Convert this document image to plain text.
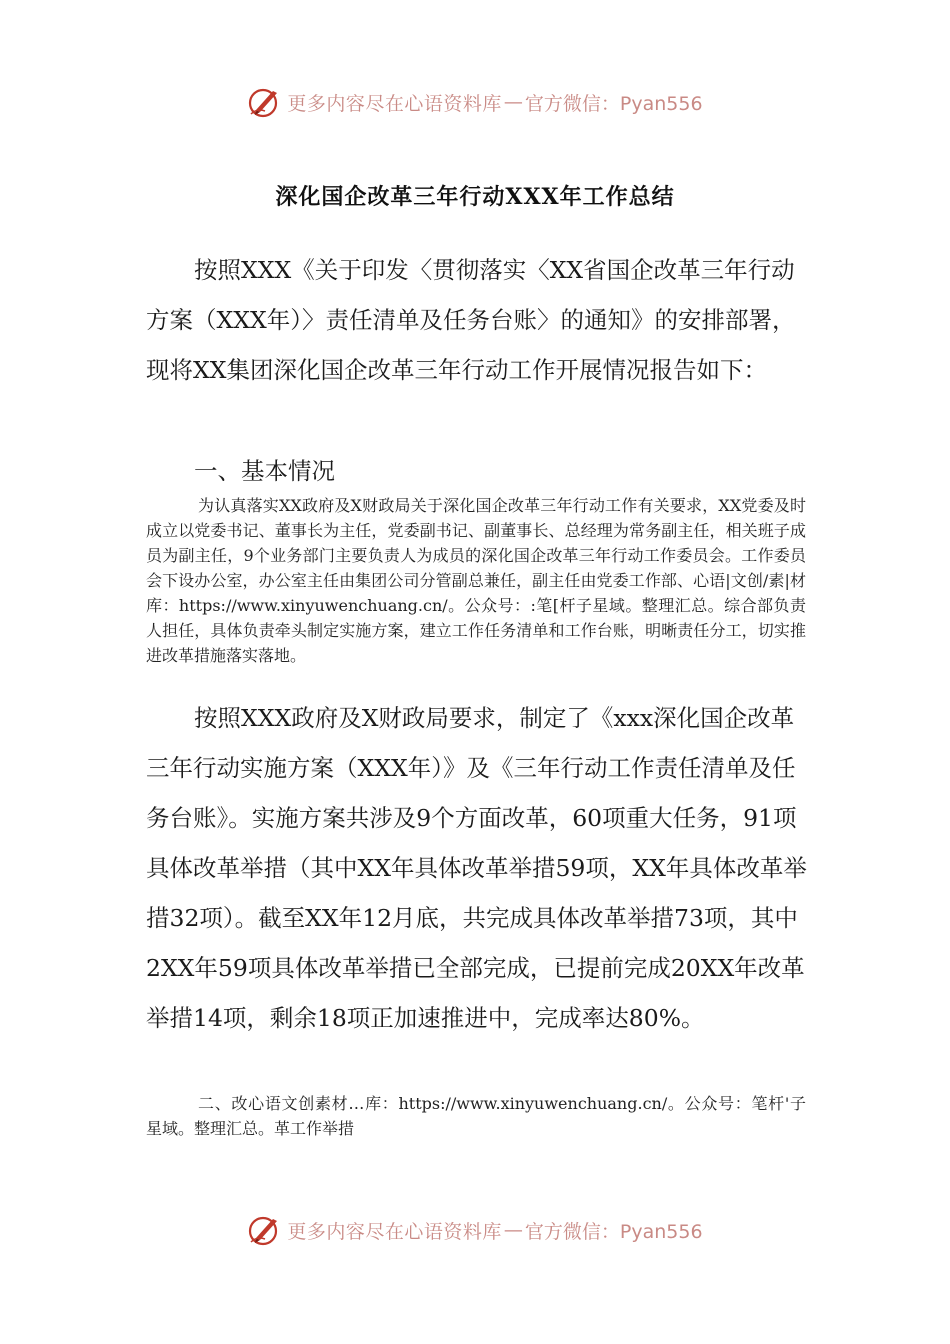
更多内容尽在心语资料库 — 官方微信：Pyan556
深化国企改革三年行动XXX年工作总结

按照XXX《关于印发〈贯彻落实〈XX省国企改革三年行动方案（XXX年）〉责任清单及任务台账〉的通知》的安排部署，现将XX集团深化国企改革三年行动工作开展情况报告如下：

一、基本情况

为认真落实XX政府及X财政局关于深化国企改革三年行动工作有关要求，XX党委及时成立以党委书记、董事长为主任，党委副书记、副董事长、总经理为常务副主任，相关班子成员为副主任，9个业务部门主要负责人为成员的深化国企改革三年行动工作委员会。工作委员会下设办公室，办公室主任由集团公司分管副总兼任，副主任由党委工作部、心语|文创/素|材库：https://www.xinyuwenchuang.cn/。公众号：:笔[杆子星域。整理汇总。综合部负责人担任，具体负责牵头制定实施方案，建立工作任务清单和工作台账，明晰责任分工，切实推进改革措施落实落地。

按照XXX政府及X财政局要求，制定了《xxx深化国企改革三年行动实施方案（XXX年）》及《三年行动工作责任清单及任务台账》。实施方案共涉及9个方面改革，60项重大任务，91项具体改革举措（其中XX年具体改革举措59项，XX年具体改革举措32项）。截至XX年12月底，共完成具体改革举措73项，其中2XX年59项具体改革举措已全部完成，已提前完成20XX年改革举措14项，剩余18项正加速推进中，完成率达80%。

二、改心语文创素材…库：https://www.xinyuwenchuang.cn/。公众号：笔杆'子星域。整理汇总。革工作举措

更多内容尽在心语资料库 — 官方微信：Pyan556
